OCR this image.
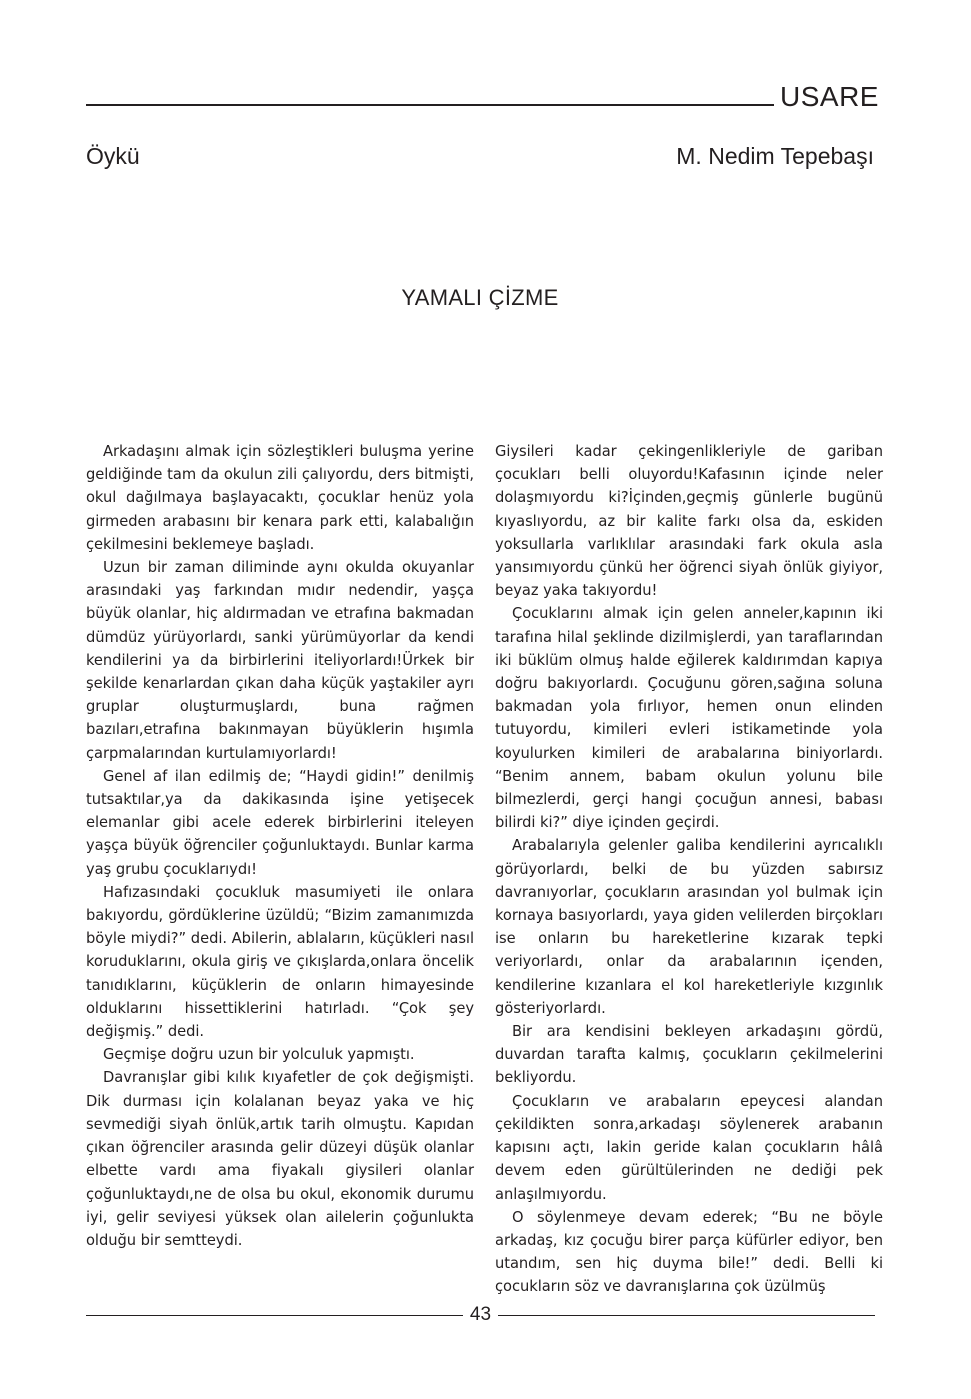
USARE
Öykü	M. Nedim Tepebaşı
YAMALI ÇİZME

Arkadaşını almak için sözleştikleri buluşma yerine geldiğinde tam da okulun zili çalıyordu, ders bitmişti, okul dağılmaya başlayacaktı, çocuklar henüz yola girmeden arabasını bir kenara park etti, kalabalığın çekilmesini beklemeye başladı.

Uzun bir zaman diliminde aynı okulda okuyanlar arasındaki yaş farkından mıdır nedendir, yaşça büyük olanlar, hiç aldırmadan ve etrafına bakmadan dümdüz yürüyorlardı, sanki yürümüyorlar da kendi kendilerini ya da birbirlerini iteliyorlardı!Ürkek bir şekilde kenarlardan çıkan daha küçük yaştakiler ayrı gruplar oluşturmuşlardı, buna rağmen bazıları,etrafına bakınmayan büyüklerin hışımla çarpmalarından kurtulamıyorlardı!

Genel af ilan edilmiş de; “Haydi gidin!” denilmiş tutsaktılar,ya da dakikasında işine yetişecek elemanlar gibi acele ederek birbirlerini iteleyen yaşça büyük öğrenciler çoğunluktaydı. Bunlar karma yaş grubu çocuklarıydı!

Hafızasındaki çocukluk masumiyeti ile onlara bakıyordu, gördüklerine üzüldü; “Bizim zamanımızda böyle miydi?” dedi. Abilerin, ablaların, küçükleri nasıl koruduklarını, okula giriş ve çıkışlarda,onlara öncelik tanıdıklarını, küçüklerin de onların himayesinde olduklarını hissettiklerini hatırladı. “Çok şey değişmiş.” dedi.

Geçmişe doğru uzun bir yolculuk yapmıştı.

Davranışlar gibi kılık kıyafetler de çok değişmişti. Dik durması için kolalanan beyaz yaka ve hiç sevmediği siyah önlük,artık tarih olmuştu. Kapıdan çıkan öğrenciler arasında gelir düzeyi düşük olanlar elbette vardı ama fiyakalı giysileri olanlar çoğunluktaydı,ne de olsa bu okul, ekonomik durumu iyi, gelir seviyesi yüksek olan ailelerin çoğunlukta olduğu bir semtteydi.

Giysileri kadar çekingenlikleriyle de gariban çocukları belli oluyordu!Kafasının içinde neler dolaşmıyordu ki?İçinden,geçmiş günlerle bugünü kıyaslıyordu, az bir kalite farkı olsa da, eskiden yoksullarla varlıklılar arasındaki fark okula asla yansımıyordu çünkü her öğrenci siyah önlük giyiyor, beyaz yaka takıyordu!

Çocuklarını almak için gelen anneler,kapının iki tarafına hilal şeklinde dizilmişlerdi, yan taraflarından iki büklüm olmuş halde eğilerek kaldırımdan kapıya doğru bakıyorlardı. Çocuğunu gören,sağına soluna bakmadan yola fırlıyor, hemen onun elinden tutuyordu, kimileri evleri istikametinde yola koyulurken kimileri de arabalarına biniyorlardı. “Benim annem, babam okulun yolunu bile bilmezlerdi, gerçi hangi çocuğun annesi, babası bilirdi ki?” diye içinden geçirdi.

Arabalarıyla gelenler galiba kendilerini ayrıcalıklı görüyorlardı, belki de bu yüzden sabırsız davranıyorlar, çocukların arasından yol bulmak için kornaya basıyorlardı, yaya giden velilerden birçokları ise onların bu hareketlerine kızarak tepki veriyorlardı, onlar da arabalarının içenden, kendilerine kızanlara el kol hareketleriyle kızgınlık gösteriyorlardı.

Bir ara kendisini bekleyen arkadaşını gördü, duvardan tarafta kalmış, çocukların çekilmelerini bekliyordu.

Çocukların ve arabaların epeycesi alandan çekildikten sonra,arkadaşı söylenerek arabanın kapısını açtı, lakin geride kalan çocukların hâlâ devem eden gürültülerinden ne dediği pek anlaşılmıyordu.

O söylenmeye devam ederek; “Bu ne böyle arkadaş, kız çocuğu birer parça küfürler ediyor, ben utandım, sen hiç duyma bile!” dedi. Belli ki çocukların söz ve davranışlarına çok üzülmüş

43
